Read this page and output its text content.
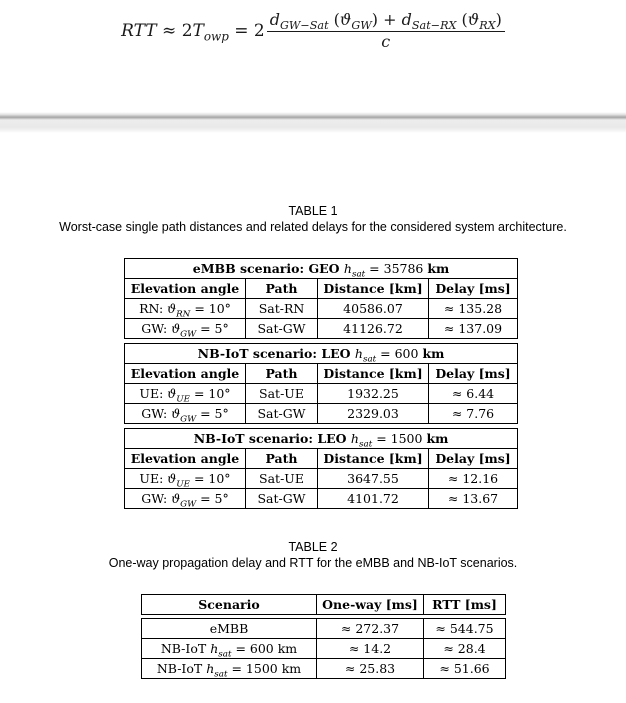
RTT ≈ $2T_{owp} = 2 \frac{d_{GW-Sat} (ϑ_{GW}) + d_{Sat-RX} (ϑ_{RX})}{c}$
TABLE 1
Worst-case single path distances and related delays for the considered system architecture.
eMBB scenario: GEO $h_{sat} = 35786$ km			
Elevation angle	Path	Distance [km]	Delay [ms]
RN: $ϑ_{RN} = 10^\circ$	Sat-RN	40586.07	≈ 135.28
GW: $ϑ_{GW} = 5^\circ$	Sat-GW	41126.72	≈ 137.09
NB-IoT scenario: LEO $h_{sat} = 600$ km			
Elevation angle	Path	Distance [km]	Delay [ms]
UE: $ϑ_{UE} = 10^\circ$	Sat-UE	1932.25	≈ 6.44
GW: $ϑ_{GW} = 5^\circ$	Sat-GW	2329.03	≈ 7.76
NB-IoT scenario: LEO $h_{sat} = 1500$ km			
Elevation angle	Path	Distance [km]	Delay [ms]
UE: $ϑ_{UE} = 10^\circ$	Sat-UE	3647.55	≈ 12.16
GW: $ϑ_{GW} = 5^\circ$	Sat-GW	4101.72	≈ 13.67
TABLE 2
One-way propagation delay and RTT for the eMBB and NB-IoT scenarios.
Scenario	One-way [ms]	RTT [ms]
eMBB	≈ 272.37	≈ 544.75
NB-IoT $h_{sat} = 600$ km	≈ 14.2	≈ 28.4
NB-IoT $h_{sat} = 1500$ km	≈ 25.83	≈ 51.66
